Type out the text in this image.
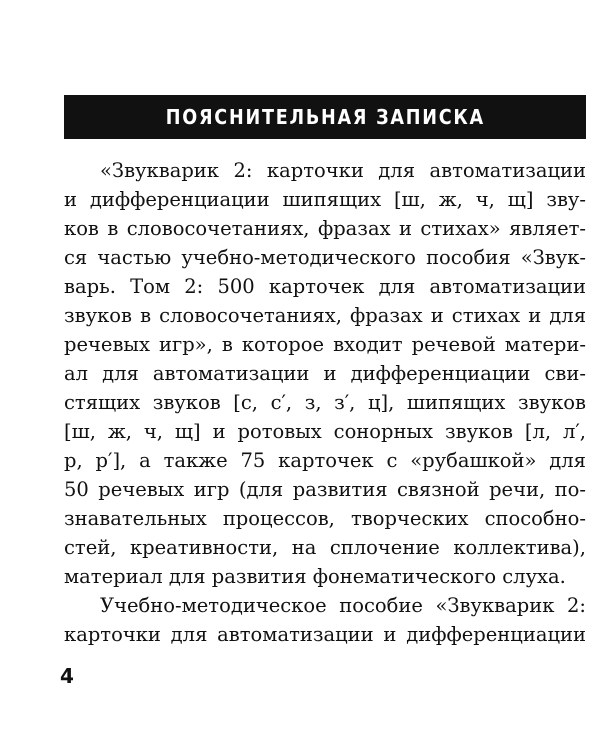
ПОЯСНИТЕЛЬНАЯ ЗАПИСКА
«Звукварик 2: карточки для автоматизации
и дифференциации шипящих [ш, ж, ч, щ] зву-
ков в словосочетаниях, фразах и стихах» являет-
ся частью учебно-методического пособия «Звук-
варь. Том 2: 500 карточек для автоматизации
звуков в словосочетаниях, фразах и стихах и для
речевых игр», в которое входит речевой матери-
ал для автоматизации и дифференциации сви-
стящих звуков [с, с′, з, з′, ц], шипящих звуков
[ш, ж, ч, щ] и ротовых сонорных звуков [л, л′,
р, р′], а также 75 карточек с «рубашкой» для
50 речевых игр (для развития связной речи, по-
знавательных процессов, творческих способно-
стей, креативности, на сплочение коллектива),
материал для развития фонематического слуха.
Учебно-методическое пособие «Звукварик 2:
карточки для автоматизации и дифференциации
4
